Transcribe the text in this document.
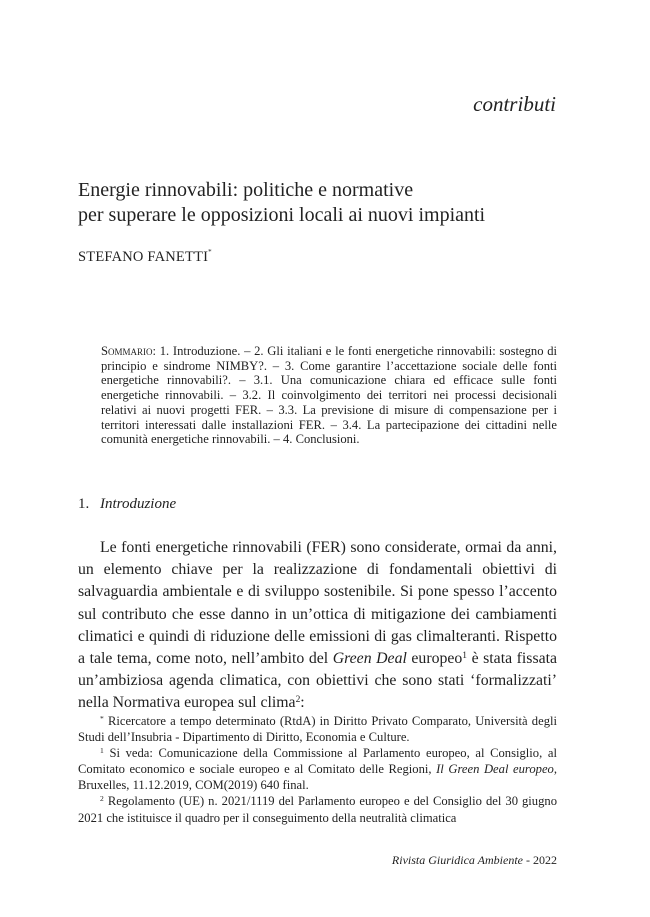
contributi
Energie rinnovabili: politiche e normative
per superare le opposizioni locali ai nuovi impianti
STEFANO FANETTI*
Sommario: 1. Introduzione. – 2. Gli italiani e le fonti energetiche rinnovabili: sostegno di principio e sindrome NIMBY?. – 3. Come garantire l’accettazione sociale delle fonti energetiche rinnovabili?. – 3.1. Una comunicazione chiara ed efficace sulle fonti energetiche rinnovabili. – 3.2. Il coinvolgimento dei territori nei processi decisionali relativi ai nuovi progetti FER. – 3.3. La previsione di misure di compensazione per i territori interessati dalle installazioni FER. – 3.4. La partecipazione dei cittadini nelle comunità energetiche rinnovabili. – 4. Conclusioni.
1. Introduzione

Le fonti energetiche rinnovabili (FER) sono considerate, ormai da anni, un elemento chiave per la realizzazione di fondamentali obiettivi di salvaguardia ambientale e di sviluppo sostenibile. Si pone spesso l’accento sul contributo che esse danno in un’ottica di mitigazione dei cambiamenti climatici e quindi di riduzione delle emissioni di gas climalteranti. Rispetto a tale tema, come noto, nell’ambito del Green Deal europeo$^1$ è stata fissata un’ambiziosa agenda climatica, con obiettivi che sono stati ‘formalizzati’ nella Normativa europea sul clima$^2$:

* Ricercatore a tempo determinato (RtdA) in Diritto Privato Comparato, Università degli Studi dell’Insubria - Dipartimento di Diritto, Economia e Culture.

$^1$ Si veda: Comunicazione della Commissione al Parlamento europeo, al Consiglio, al Comitato economico e sociale europeo e al Comitato delle Regioni, Il Green Deal europeo, Bruxelles, 11.12.2019, COM(2019) 640 final.

$^2$ Regolamento (UE) n. 2021/1119 del Parlamento europeo e del Consiglio del 30 giugno 2021 che istituisce il quadro per il conseguimento della neutralità climatica

Rivista Giuridica Ambiente - 2022
